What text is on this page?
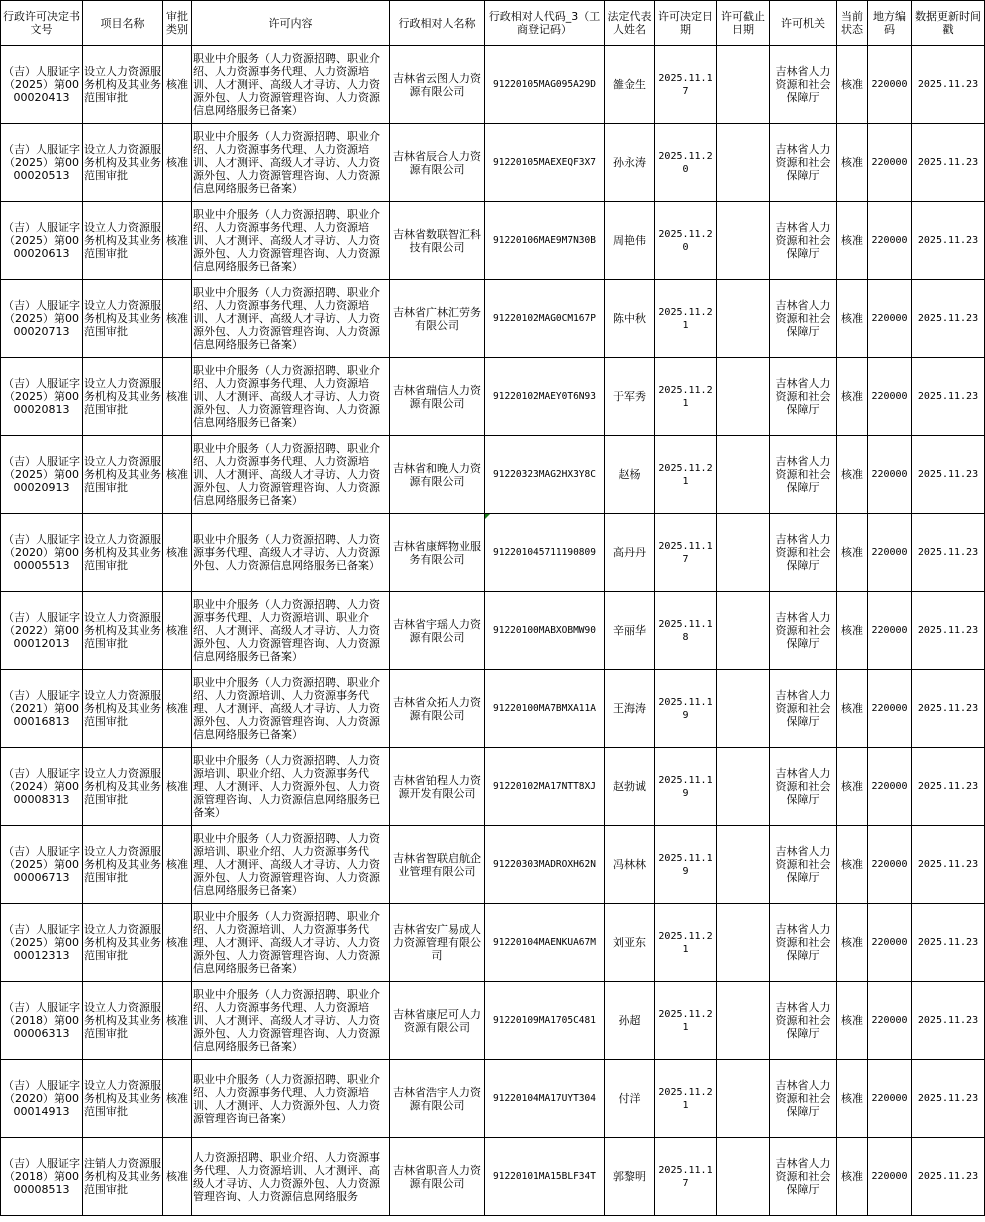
行政许可决定书文号	项目名称	审批类别	许可内容	行政相对人名称	行政相对人代码_3（工商登记码）	法定代表人姓名	许可决定日期	许可截止日期	许可机关	当前状态	地方编码	数据更新时间戳
（吉）人服证字（2025）第0000020413	设立人力资源服务机构及其业务范围审批	核准	职业中介服务（人力资源招聘、职业介绍、人力资源事务代理、人力资源培训、人才测评、高级人才寻访、人力资源外包、人力资源管理咨询、人力资源信息网络服务已备案）	吉林省云图人力资源有限公司	91220105MAG095A29D	雒金生	2025.11.17		吉林省人力资源和社会保障厅	核准	220000	2025.11.23
（吉）人服证字（2025）第0000020513	设立人力资源服务机构及其业务范围审批	核准	职业中介服务（人力资源招聘、职业介绍、人力资源事务代理、人力资源培训、人才测评、高级人才寻访、人力资源外包、人力资源管理咨询、人力资源信息网络服务已备案）	吉林省辰合人力资源有限公司	91220105MAEXEQF3X7	孙永涛	2025.11.20		吉林省人力资源和社会保障厅	核准	220000	2025.11.23
（吉）人服证字（2025）第0000020613	设立人力资源服务机构及其业务范围审批	核准	职业中介服务（人力资源招聘、职业介绍、人力资源事务代理、人力资源培训、人才测评、高级人才寻访、人力资源外包、人力资源管理咨询、人力资源信息网络服务已备案）	吉林省数联智汇科技有限公司	91220106MAE9M7N30B	周艳伟	2025.11.20		吉林省人力资源和社会保障厅	核准	220000	2025.11.23
（吉）人服证字（2025）第0000020713	设立人力资源服务机构及其业务范围审批	核准	职业中介服务（人力资源招聘、职业介绍、人力资源事务代理、人力资源培训、人才测评、高级人才寻访、人力资源外包、人力资源管理咨询、人力资源信息网络服务已备案）	吉林省广林汇劳务有限公司	91220102MAG0CM167P	陈中秋	2025.11.21		吉林省人力资源和社会保障厅	核准	220000	2025.11.23
（吉）人服证字（2025）第0000020813	设立人力资源服务机构及其业务范围审批	核准	职业中介服务（人力资源招聘、职业介绍、人力资源事务代理、人力资源培训、人才测评、高级人才寻访、人力资源外包、人力资源管理咨询、人力资源信息网络服务已备案）	吉林省瑞信人力资源有限公司	91220102MAEY0T6N93	于军秀	2025.11.21		吉林省人力资源和社会保障厅	核准	220000	2025.11.23
（吉）人服证字（2025）第0000020913	设立人力资源服务机构及其业务范围审批	核准	职业中介服务（人力资源招聘、职业介绍、人力资源事务代理、人力资源培训、人才测评、高级人才寻访、人力资源外包、人力资源管理咨询、人力资源信息网络服务已备案）	吉林省和晚人力资源有限公司	91220323MAG2HX3Y8C	赵杨	2025.11.21		吉林省人力资源和社会保障厅	核准	220000	2025.11.23
（吉）人服证字（2020）第0000005513	设立人力资源服务机构及其业务范围审批	核准	职业中介服务（人力资源招聘、人力资源事务代理、高级人才寻访、人力资源外包、人力资源信息网络服务已备案）	吉林省康辉物业服务有限公司	912201045711190809	高丹丹	2025.11.17		吉林省人力资源和社会保障厅	核准	220000	2025.11.23
（吉）人服证字（2022）第0000012013	设立人力资源服务机构及其业务范围审批	核准	职业中介服务（人力资源招聘、人力资源事务代理、人力资源培训、职业介绍、人才测评、高级人才寻访、人力资源外包、人力资源管理咨询、人力资源信息网络服务已备案）	吉林省宇瑶人力资源有限公司	91220100MABXOBMW90	辛丽华	2025.11.18		吉林省人力资源和社会保障厅	核准	220000	2025.11.23
（吉）人服证字（2021）第0000016813	设立人力资源服务机构及其业务范围审批	核准	职业中介服务（人力资源招聘、职业介绍、人力资源培训、人力资源事务代理、人才测评、高级人才寻访、人力资源外包、人力资源管理咨询、人力资源信息网络服务已备案）	吉林省众拓人力资源有限公司	91220100MA7BMXA11A	王海涛	2025.11.19		吉林省人力资源和社会保障厅	核准	220000	2025.11.23
（吉）人服证字（2024）第0000008313	设立人力资源服务机构及其业务范围审批	核准	职业中介服务（人力资源招聘、人力资源培训、职业介绍、人力资源事务代理、人才测评、人力资源外包、人力资源管理咨询、人力资源信息网络服务已备案）	吉林省铂程人力资源开发有限公司	91220102MA17NTT8XJ	赵勃诚	2025.11.19		吉林省人力资源和社会保障厅	核准	220000	2025.11.23
（吉）人服证字（2025）第0000006713	设立人力资源服务机构及其业务范围审批	核准	职业中介服务（人力资源招聘、人力资源培训、职业介绍、人力资源事务代理、人才测评、高级人才寻访、人力资源外包、人力资源管理咨询、人力资源信息网络服务已备案）	吉林省智联启航企业管理有限公司	91220303MADROXH62N	冯林林	2025.11.19		吉林省人力资源和社会保障厅	核准	220000	2025.11.23
（吉）人服证字（2025）第0000012313	设立人力资源服务机构及其业务范围审批	核准	职业中介服务（人力资源招聘、职业介绍、人力资源培训、人力资源事务代理、人才测评、高级人才寻访、人力资源外包、人力资源管理咨询、人力资源信息网络服务已备案）	吉林省安广易成人力资源管理有限公司	91220104MAENKUA67M	刘亚东	2025.11.21		吉林省人力资源和社会保障厅	核准	220000	2025.11.23
（吉）人服证字（2018）第0000006313	设立人力资源服务机构及其业务范围审批	核准	职业中介服务（人力资源招聘、职业介绍、人力资源事务代理、人力资源培训、人才测评、高级人才寻访、人力资源外包、人力资源管理咨询、人力资源信息网络服务已备案）	吉林省康尼可人力资源有限公司	91220109MA1705C481	孙超	2025.11.21		吉林省人力资源和社会保障厅	核准	220000	2025.11.23
（吉）人服证字（2020）第0000014913	设立人力资源服务机构及其业务范围审批	核准	职业中介服务（人力资源招聘、职业介绍、人力资源事务代理、人力资源培训、人才测评、人力资源外包、人力资源管理咨询已备案）	吉林省浩宇人力资源有限公司	91220104MA17UYT304	付洋	2025.11.21		吉林省人力资源和社会保障厅	核准	220000	2025.11.23
（吉）人服证字（2018）第0000008513	注销人力资源服务机构及其业务范围审批	核准	人力资源招聘、职业介绍、人力资源事务代理、人力资源培训、人才测评、高级人才寻访、人力资源外包、人力资源管理咨询、人力资源信息网络服务	吉林省职音人力资源有限公司	91220101MA15BLF34T	郭黎明	2025.11.17		吉林省人力资源和社会保障厅	核准	220000	2025.11.23
